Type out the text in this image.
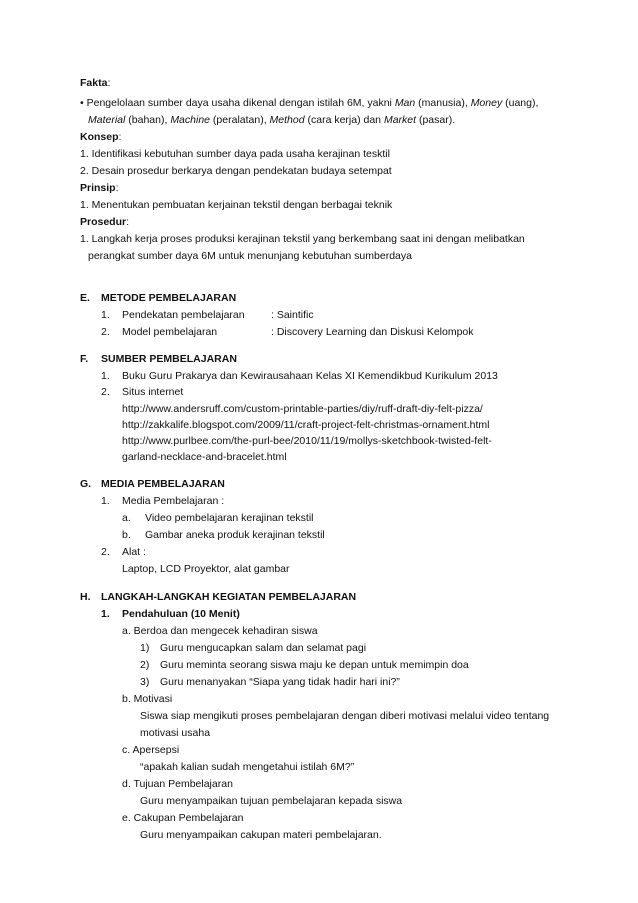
Fakta:
• Pengelolaan sumber daya usaha dikenal dengan istilah 6M, yakni Man (manusia), Money (uang),
Material (bahan), Machine (peralatan), Method (cara kerja) dan Market (pasar).
Konsep:
1. Identifikasi kebutuhan sumber daya pada usaha kerajinan tesktil
2. Desain prosedur berkarya dengan pendekatan budaya setempat
Prinsip:
1. Menentukan pembuatan kerjainan tekstil dengan berbagai teknik
Prosedur:
1. Langkah kerja proses produksi kerajinan tekstil yang berkembang saat ini dengan melibatkan
perangkat sumber daya 6M untuk menunjang kebutuhan sumberdaya
E. METODE PEMBELAJARAN
1. Pendekatan pembelajaran	: Saintific
2. Model pembelajaran	: Discovery Learning dan Diskusi Kelompok
F. SUMBER PEMBELAJARAN
1. Buku Guru Prakarya dan Kewirausahaan Kelas XI Kemendikbud Kurikulum 2013
2. Situs internet
http://www.andersruff.com/custom-printable-parties/diy/ruff-draft-diy-felt-pizza/
http://zakkalife.blogspot.com/2009/11/craft-project-felt-christmas-ornament.html
http://www.purlbee.com/the-purl-bee/2010/11/19/mollys-sketchbook-twisted-felt-
garland-necklace-and-bracelet.html
G. MEDIA PEMBELAJARAN
1. Media Pembelajaran :
a. Video pembelajaran kerajinan tekstil
b. Gambar aneka produk kerajinan tekstil
2. Alat :
Laptop, LCD Proyektor, alat gambar
H. LANGKAH-LANGKAH KEGIATAN PEMBELAJARAN
1. Pendahuluan (10 Menit)
a. Berdoa dan mengecek kehadiran siswa
1) Guru mengucapkan salam dan selamat pagi
2) Guru meminta seorang siswa maju ke depan untuk memimpin doa
3) Guru menanyakan “Siapa yang tidak hadir hari ini?”
b. Motivasi
Siswa siap mengikuti proses pembelajaran dengan diberi motivasi melalui video tentang
motivasi usaha
c. Apersepsi
“apakah kalian sudah mengetahui istilah 6M?”
d. Tujuan Pembelajaran
Guru menyampaikan tujuan pembelajaran kepada siswa
e. Cakupan Pembelajaran
Guru menyampaikan cakupan materi pembelajaran.
